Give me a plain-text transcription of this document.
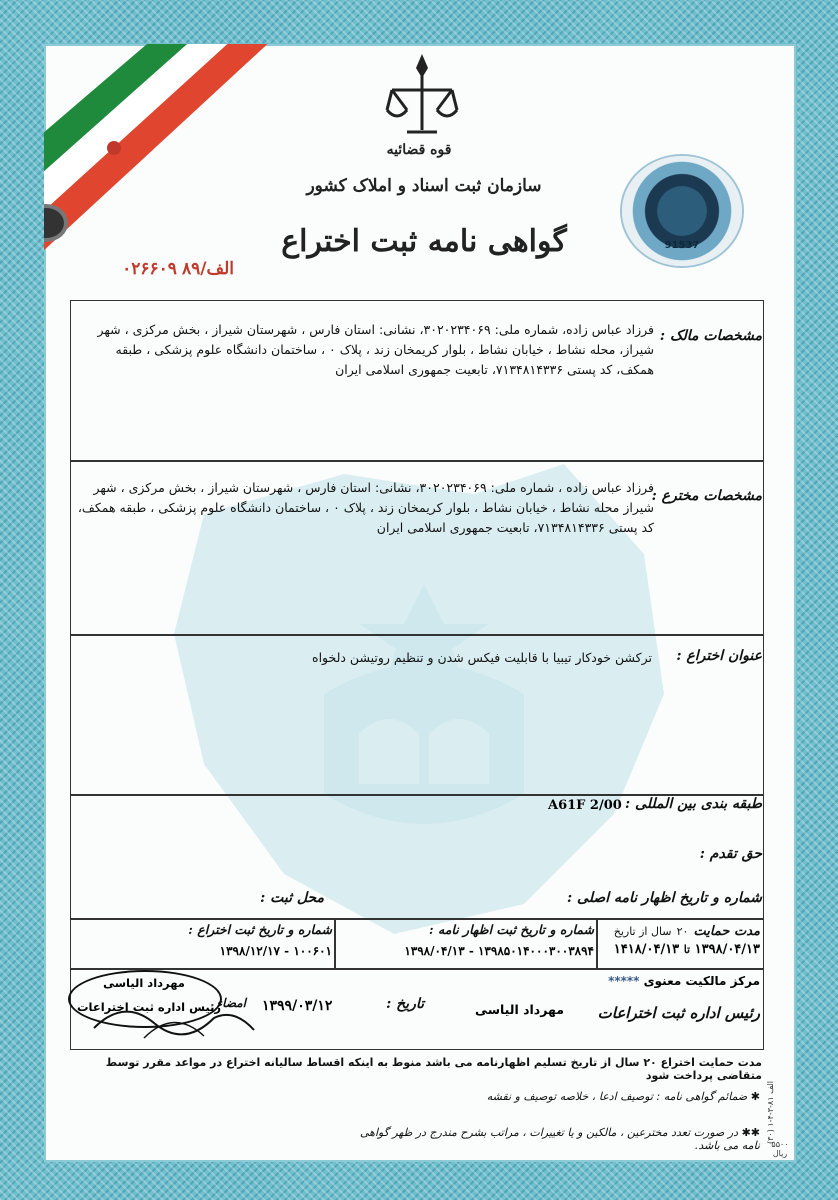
قوه قضائیه
سازمان ثبت اسناد و املاک کشور
گواهی نامه ثبت اختراع
الف/۸۹ ۰۲۶۶۰۹
91537
مشخصات مالک :
فرزاد عباس زاده، شماره ملی: ۳۰۲۰۲۳۴۰۶۹، نشانی: استان فارس ، شهرستان شیراز ، بخش مرکزی ، شهر شیراز، محله نشاط ، خیابان نشاط ، بلوار کریمخان زند ، پلاک ۰ ، ساختمان دانشگاه علوم پزشکی ، طبقه همکف، کد پستی ۷۱۳۴۸۱۴۳۳۶، تابعیت جمهوری اسلامی ایران
مشخصات مخترع :
فرزاد عباس زاده ، شماره ملی: ۳۰۲۰۲۳۴۰۶۹، نشانی: استان فارس ، شهرستان شیراز ، بخش مرکزی ، شهر شیراز محله نشاط ، خیابان نشاط ، بلوار کریمخان زند ، پلاک ۰ ، ساختمان دانشگاه علوم پزشکی ، طبقه همکف، کد پستی ۷۱۳۴۸۱۴۳۳۶، تابعیت جمهوری اسلامی ایران
عنوان اختراع :
ترکشن خودکار تیبیا با قابلیت فیکس شدن و تنظیم روتیشن دلخواه
طبقه بندی بین المللی :
A61F 2/00
حق تقدم :
شماره و تاریخ اظهار نامه اصلی :
محل ثبت :
مدت حمایت ۲۰ سال از تاریخ
۱۳۹۸/۰۴/۱۳ تا ۱۴۱۸/۰۴/۱۳
شماره و تاریخ ثبت اظهار نامه :
۱۳۹۸۵۰۱۴۰۰۰۳۰۰۳۸۹۴ - ۱۳۹۸/۰۴/۱۳
شماره و تاریخ ثبت اختراع :
۱۰۰۶۰۱ - ۱۳۹۸/۱۲/۱۷
مرکز مالکیت معنوی *****
رئیس اداره ثبت اختراعات
مهرداد الیاسی
تاریخ :
۱۳۹۹/۰۳/۱۲
امضاء
مهرداد الیاسی
رئیس اداره ثبت اختراعات
مدت حمایت اختراع ۲۰ سال از تاریخ تسلیم اظهارنامه می باشد منوط به اینکه اقساط سالیانه اختراع در مواعد مقرر توسط متقاضی پرداخت شود
✱ ضمائم گواهی نامه : توصیف ادعا ، خلاصه توصیف و نقشه
✱✱ در صورت تعدد مخترعین ، مالکین و یا تغییرات ، مراتب بشرح مندرج در ظهر گواهی نامه می باشد.
(۳۰) ۱-۴-۳-۸۱ الف
۵۵۰۰ ریال
